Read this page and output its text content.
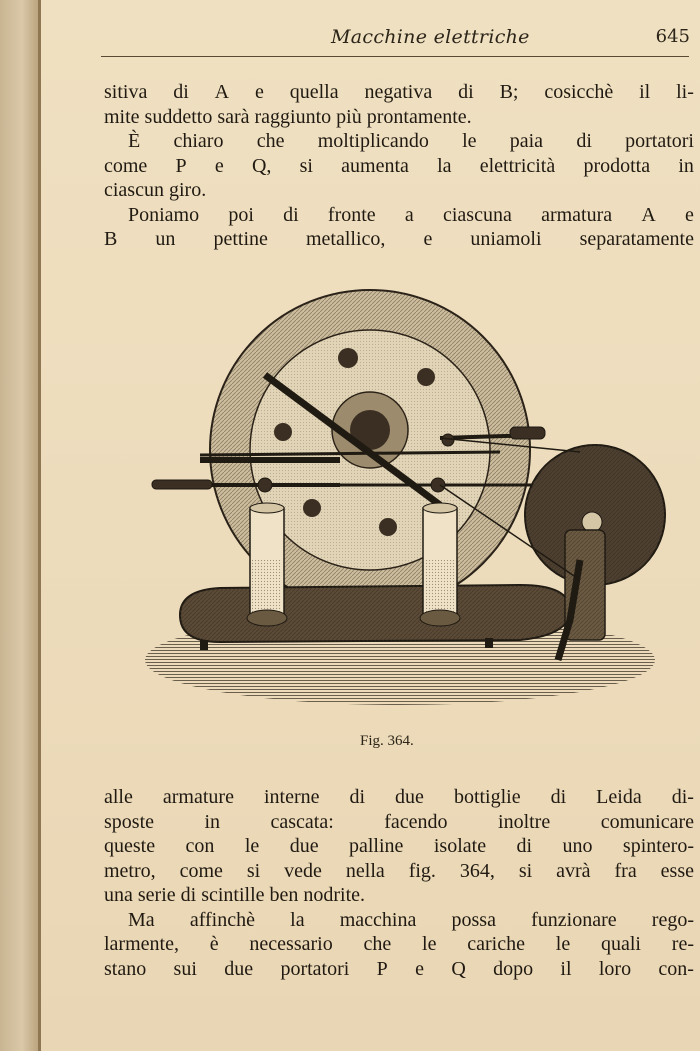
Macchine elettriche	645
sitiva di A e quella negativa di B; cosicchè il li-
mite suddetto sarà raggiunto più prontamente.
È chiaro che moltiplicando le paia di portatori
come P e Q, si aumenta la elettricità prodotta in
ciascun giro.
Poniamo poi di fronte a ciascuna armatura A e
B un pettine metallico, e uniamoli separatamente
Fig. 364.
alle armature interne di due bottiglie di Leida di-
sposte	in	cascata:	facendo	inoltre	comunicare
queste con le due palline isolate di uno spintero-
metro, come si vede nella fig. 364, si avrà fra esse
una serie di scintille ben nodrite.
Ma affinchè la macchina possa funzionare rego-
larmente, è necessario che le cariche le quali re-
stano sui due portatori P e Q dopo il loro con-
